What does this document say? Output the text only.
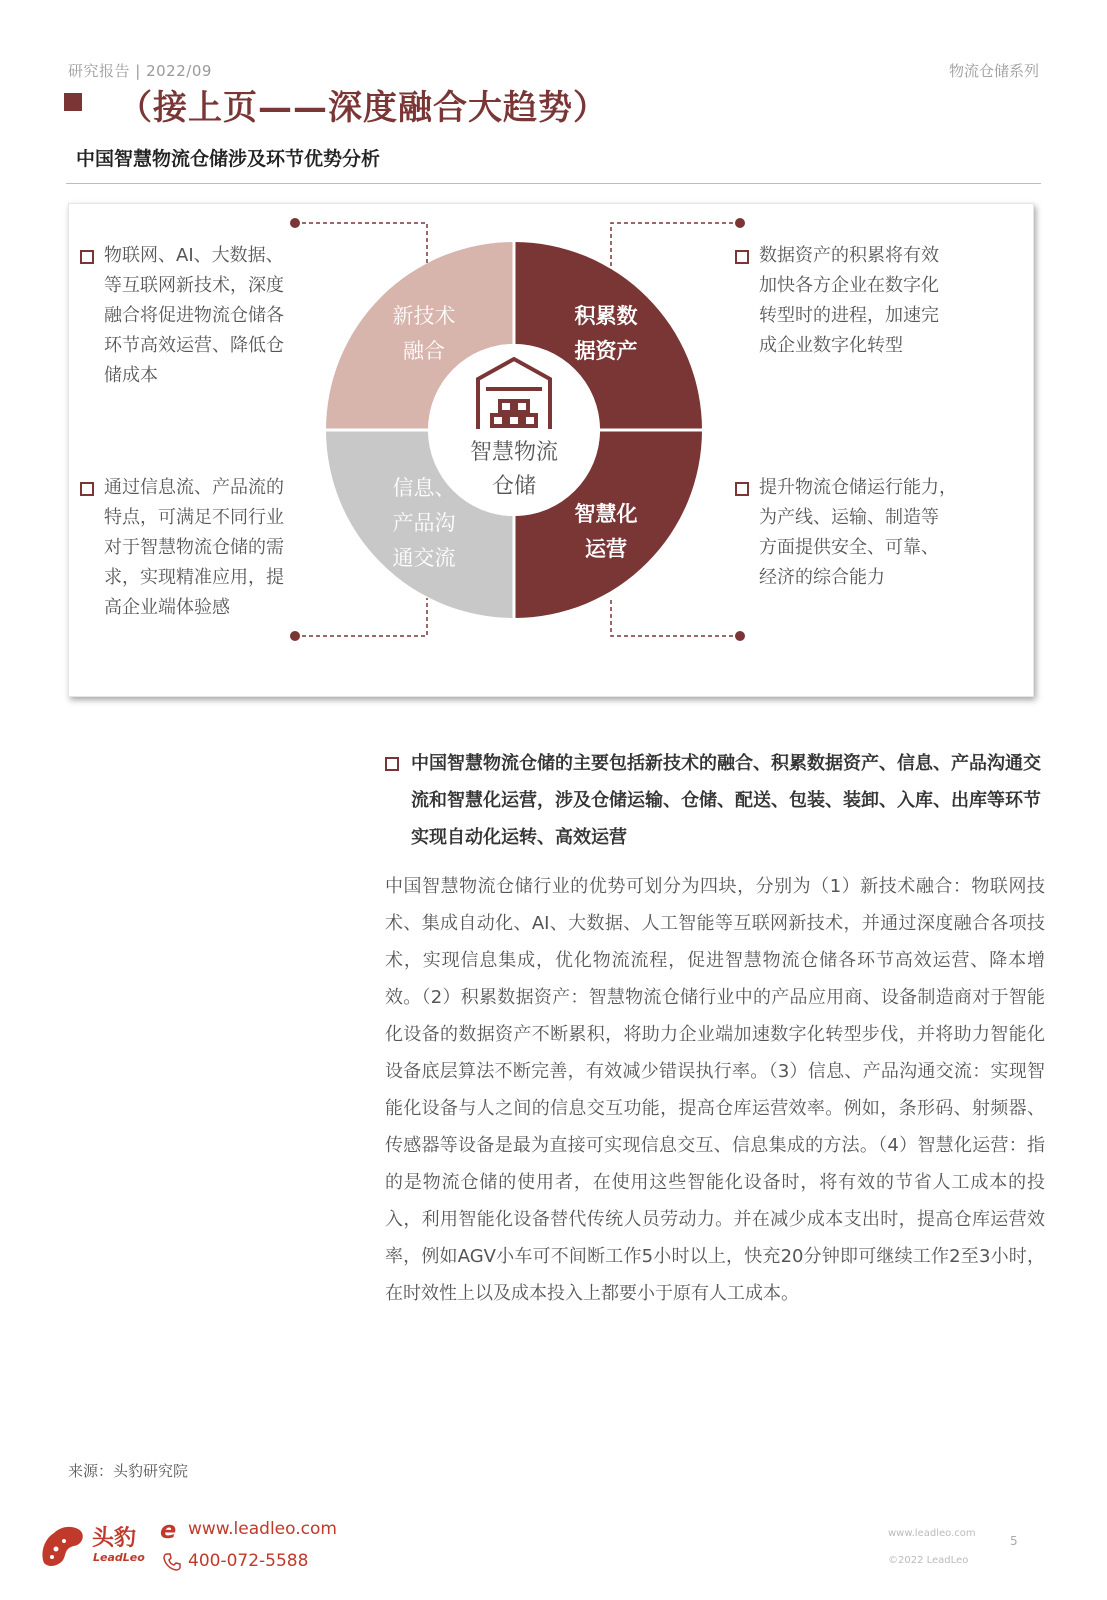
研究报告 | 2022/09	物流仓储系列
（接上页——深度融合大趋势）
中国智慧物流仓储涉及环节优势分析
智慧物流
仓储
新技术
融合
积累数
据资产
信息、
产品沟
通交流
智慧化
运营
物联网、AI、大数据、
等互联网新技术，深度
融合将促进物流仓储各
环节高效运营、降低仓
储成本
数据资产的积累将有效
加快各方企业在数字化
转型时的进程，加速完
成企业数字化转型
通过信息流、产品流的
特点，可满足不同行业
对于智慧物流仓储的需
求，实现精准应用，提
高企业端体验感
提升物流仓储运行能力，
为产线、运输、制造等
方面提供安全、可靠、
经济的综合能力
中国智慧物流仓储的主要包括新技术的融合、积累数据资产、信息、产品沟通交流和智慧化运营，涉及仓储运输、仓储、配送、包装、装卸、入库、出库等环节实现自动化运转、高效运营
中国智慧物流仓储行业的优势可划分为四块，分别为（1）新技术融合：物联网技术、集成自动化、AI、大数据、人工智能等互联网新技术，并通过深度融合各项技术，实现信息集成，优化物流流程，促进智慧物流仓储各环节高效运营、降本增效。（2）积累数据资产：智慧物流仓储行业中的产品应用商、设备制造商对于智能化设备的数据资产不断累积，将助力企业端加速数字化转型步伐，并将助力智能化设备底层算法不断完善，有效减少错误执行率。（3）信息、产品沟通交流：实现智能化设备与人之间的信息交互功能，提高仓库运营效率。例如，条形码、射频器、传感器等设备是最为直接可实现信息交互、信息集成的方法。（4）智慧化运营：指的是物流仓储的使用者，在使用这些智能化设备时，将有效的节省人工成本的投入，利用智能化设备替代传统人员劳动力。并在减少成本支出时，提高仓库运营效率，例如AGV小车可不间断工作5小时以上，快充20分钟即可继续工作2至3小时，在时效性上以及成本投入上都要小于原有人工成本。
来源：头豹研究院
头豹
LeadLeo
e www.leadleo.com
400-072-5588
www.leadleo.com
©2022 LeadLeo
5
